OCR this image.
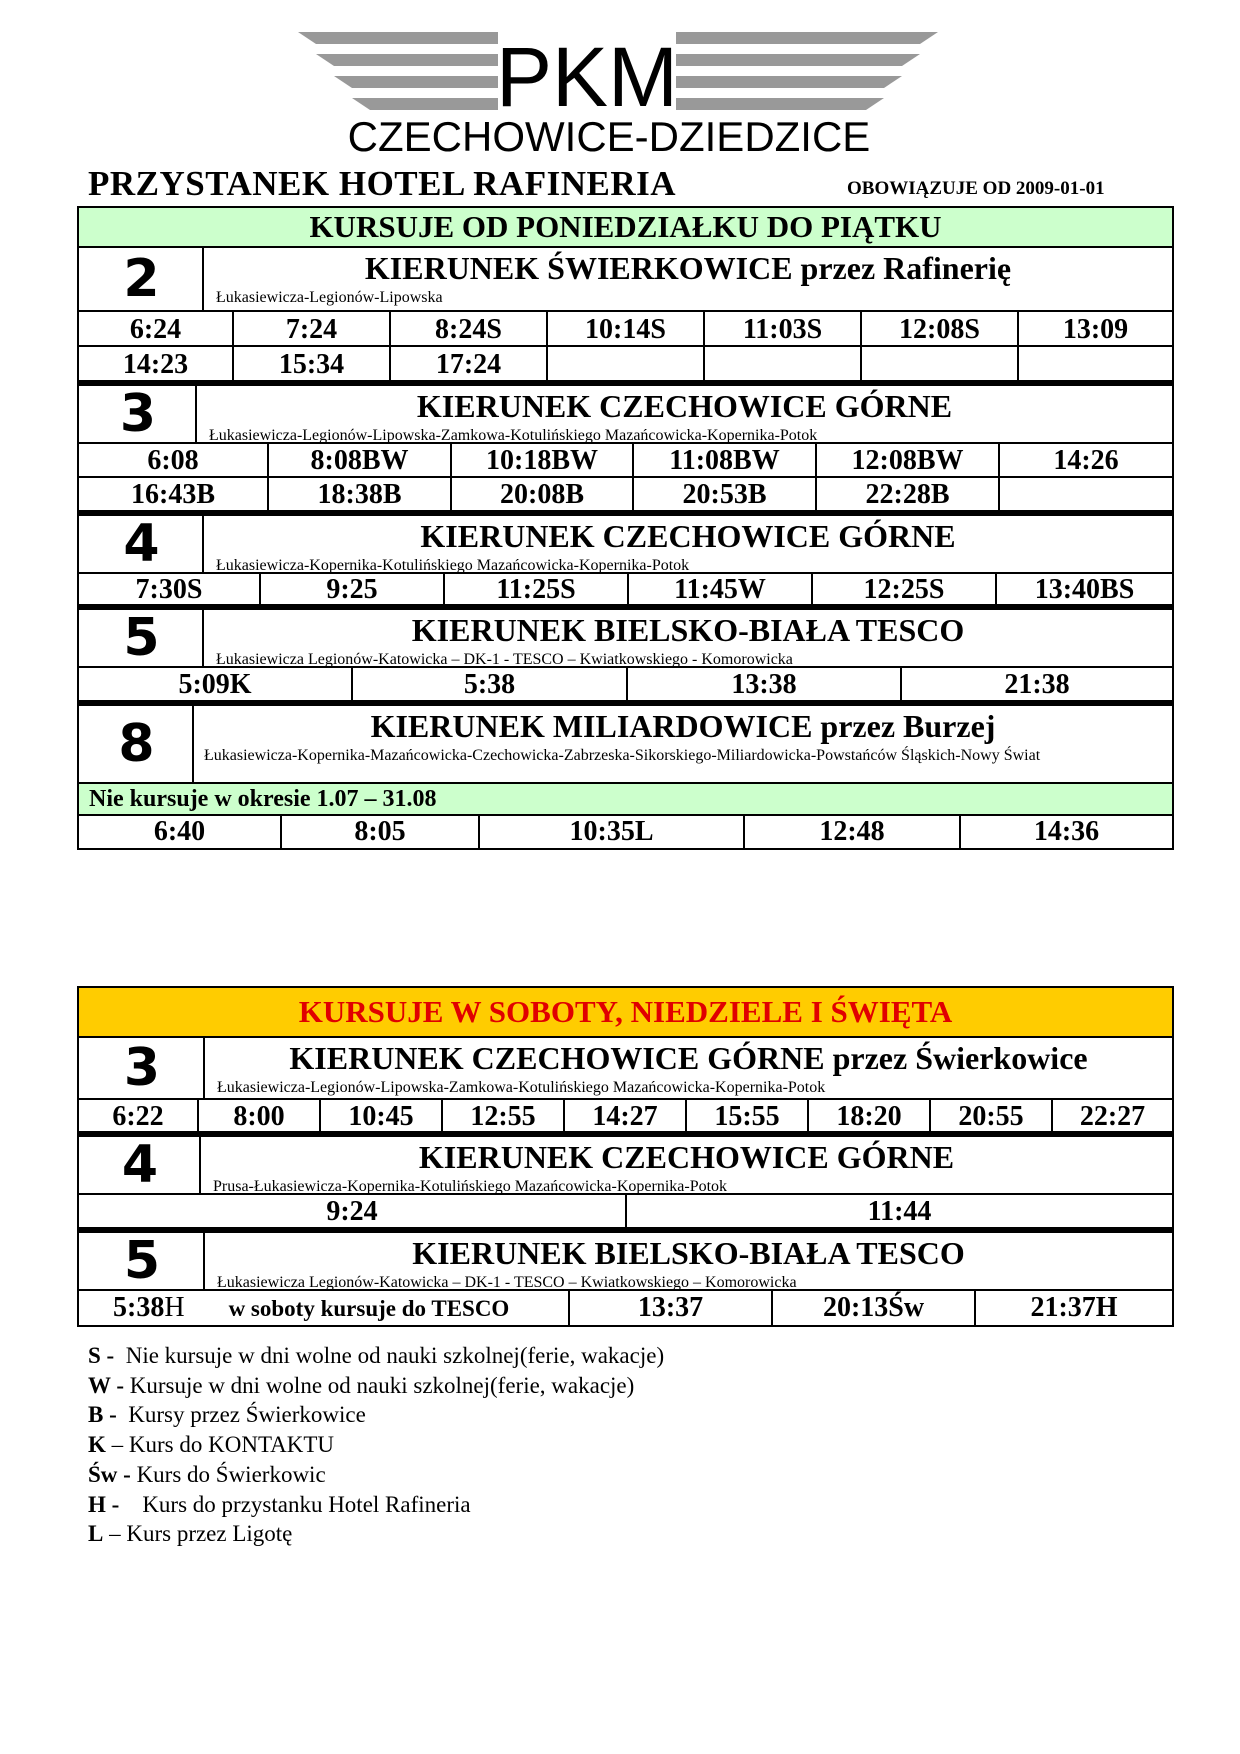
PKM
CZECHOWICE-DZIEDZICE
PRZYSTANEK HOTEL RAFINERIA	OBOWIĄZUJE OD 2009-01-01
KURSUJE OD PONIEDZIAŁKU DO PIĄTKU
2	KIERUNEK ŚWIERKOWICE przez Rafinerię
Łukasiewicza-Legionów-Lipowska
6:24	7:24	8:24S	10:14S	11:03S	12:08S	13:09
14:23	15:34	17:24
3	KIERUNEK CZECHOWICE GÓRNE
Łukasiewicza-Legionów-Lipowska-Zamkowa-Kotulińskiego Mazańcowicka-Kopernika-Potok
6:08	8:08BW	10:18BW	11:08BW	12:08BW	14:26
16:43B	18:38B	20:08B	20:53B	22:28B
4	KIERUNEK CZECHOWICE GÓRNE
Łukasiewicza-Kopernika-Kotulińskiego Mazańcowicka-Kopernika-Potok
7:30S	9:25	11:25S	11:45W	12:25S	13:40BS
5	KIERUNEK BIELSKO-BIAŁA TESCO
Łukasiewicza Legionów-Katowicka – DK-1 - TESCO – Kwiatkowskiego - Komorowicka
5:09K	5:38	13:38	21:38
8	KIERUNEK MILIARDOWICE przez Burzej
Łukasiewicza-Kopernika-Mazańcowicka-Czechowicka-Zabrzeska-Sikorskiego-Miliardowicka-Powstańców Śląskich-Nowy Świat
Nie kursuje w okresie 1.07 – 31.08
6:40	8:05	10:35L	12:48	14:36
KURSUJE W SOBOTY, NIEDZIELE I ŚWIĘTA
3	KIERUNEK CZECHOWICE GÓRNE przez Świerkowice
Łukasiewicza-Legionów-Lipowska-Zamkowa-Kotulińskiego Mazańcowicka-Kopernika-Potok
6:22	8:00	10:45	12:55	14:27	15:55	18:20	20:55	22:27
4	KIERUNEK CZECHOWICE GÓRNE
Prusa-Łukasiewicza-Kopernika-Kotulińskiego Mazańcowicka-Kopernika-Potok
9:24	11:44
5	KIERUNEK BIELSKO-BIAŁA TESCO
Łukasiewicza Legionów-Katowicka – DK-1 - TESCO – Kwiatkowskiego – Komorowicka
5:38H w soboty kursuje do TESCO	13:37	20:13Św	21:37H
S -  Nie kursuje w dni wolne od nauki szkolnej(ferie, wakacje)
W - Kursuje w dni wolne od nauki szkolnej(ferie, wakacje)
B -  Kursy przez Świerkowice
K – Kurs do KONTAKTU
Św - Kurs do Świerkowic
H -    Kurs do przystanku Hotel Rafineria
L – Kurs przez Ligotę
